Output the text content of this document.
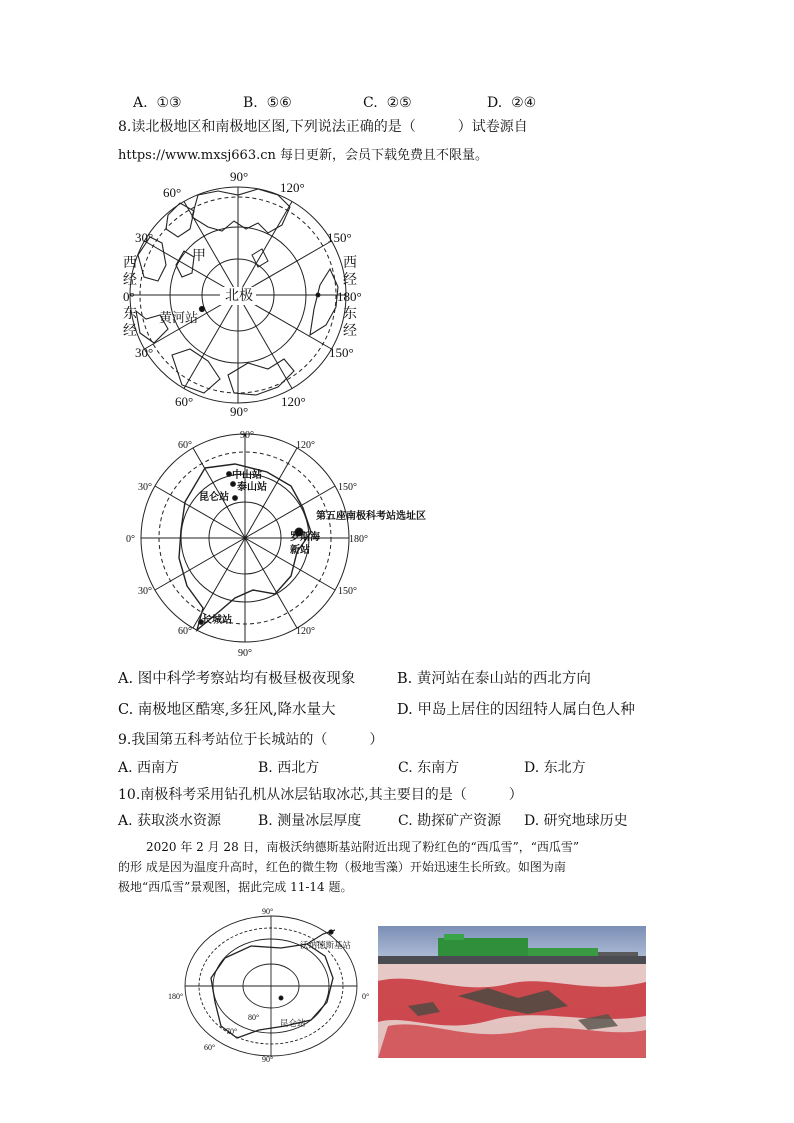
A. ①③	B. ⑤⑥	C. ②⑤	D. ②④
8.读北极地区和南极地区图,下列说法正确的是（　　　）试卷源自
https://www.mxsj663.cn 每日更新，会员下载免费且不限量。
90°
90°
60°	120°
30°	150°
西
经
0°
东
经
西
经
180°
东
经
30°	150°
60°	120°
北极
甲
黄河站
90°
90°
60°	120°
30°	150°
0°	180°
30°	150°
60°	120°
中山站
泰山站
昆仑站
第五座南极科考站选址区
罗斯海
新站
长城站
A. 图中科学考察站均有极昼极夜现象	B. 黄河站在泰山站的西北方向
C. 南极地区酷寒,多狂风,降水量大	D. 甲岛上居住的因纽特人属白色人种
9.我国第五科考站位于长城站的（　　　）
A. 西南方	B. 西北方	C. 东南方	D. 东北方
10.南极科考采用钻孔机从冰层钻取冰芯,其主要目的是（　　　）
A. 获取淡水资源	B. 测量冰层厚度	C. 勘探矿产资源 D. 研究地球历史
2020 年 2 月 28 日，南极沃纳德斯基站附近出现了粉红色的“西瓜雪”，“西瓜雪”
的形 成是因为温度升高时，红色的微生物（极地雪藻）开始迅速生长所致。如图为南
极地“西瓜雪”景观图，据此完成 11-14 题。
90°
90°
180°	0°
80°
70°
60°
沃纳德斯基站
昆仑站
